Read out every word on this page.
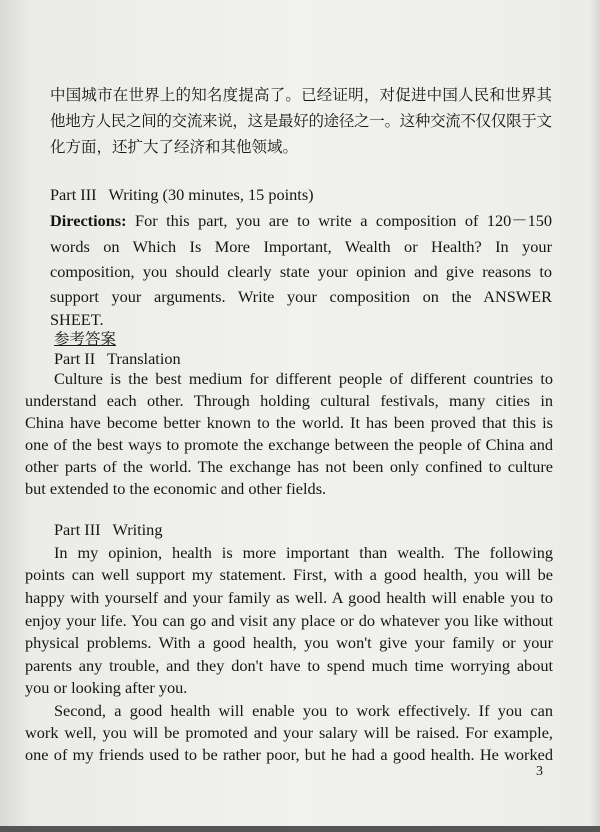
中国城市在世界上的知名度提高了。已经证明，对促进中国人民和世界其
他地方人民之间的交流来说，这是最好的途径之一。这种交流不仅仅限于文
化方面，还扩大了经济和其他领域。
Part III   Writing (30 minutes, 15 points)
Directions: For this part, you are to write a composition of 120－150
words on Which Is More Important, Wealth or Health? In your
composition, you should clearly state your opinion and give reasons to
support your arguments. Write your composition on the ANSWER
SHEET.
参考答案
Part II   Translation
Culture is the best medium for different people of different countries to
understand each other. Through holding cultural festivals, many cities in
China have become better known to the world. It has been proved that this is
one of the best ways to promote the exchange between the people of China and
other parts of the world. The exchange has not been only confined to culture
but extended to the economic and other fields.
Part III   Writing
In my opinion, health is more important than wealth. The following
points can well support my statement. First, with a good health, you will be
happy with yourself and your family as well. A good health will enable you to
enjoy your life. You can go and visit any place or do whatever you like without
physical problems. With a good health, you won't give your family or your
parents any trouble, and they don't have to spend much time worrying about
you or looking after you.
Second, a good health will enable you to work effectively. If you can
work well, you will be promoted and your salary will be raised. For example,
one of my friends used to be rather poor, but he had a good health. He worked
3
